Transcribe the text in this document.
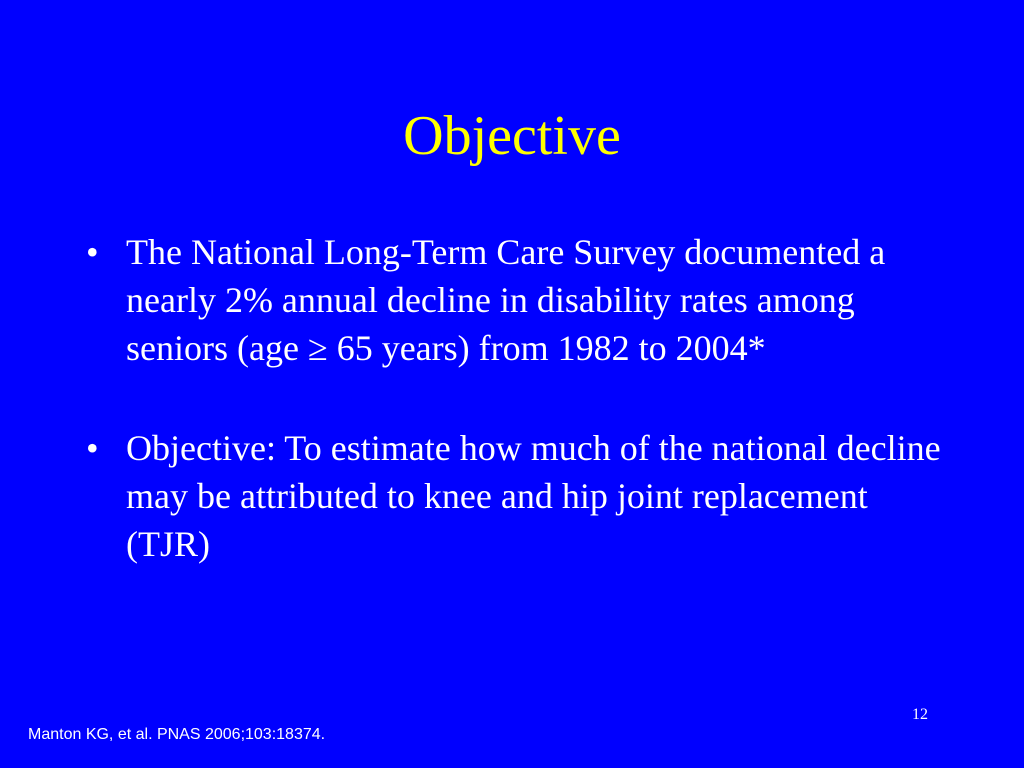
Objective
• The National Long-Term Care Survey documented a nearly 2% annual decline in disability rates among seniors (age ≥ 65 years) from 1982 to 2004*
• Objective: To estimate how much of the national decline may be attributed to knee and hip joint replacement (TJR)
12
Manton KG, et al. PNAS 2006;103:18374.
